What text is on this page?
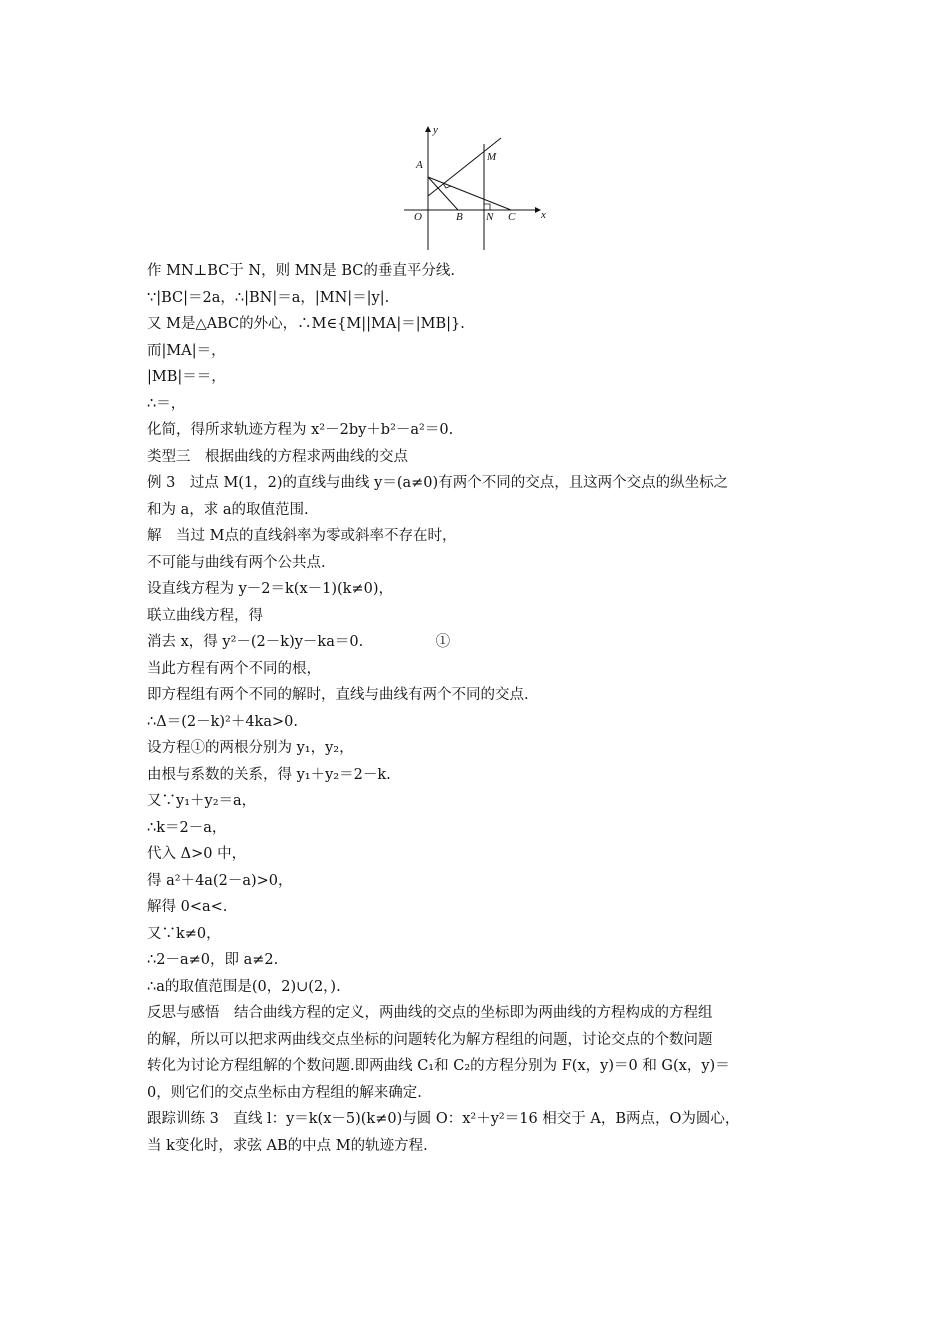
y
x
A
M
O	B N C
作 MN⊥BC于 N，则 MN是 BC的垂直平分线.
∵|BC|＝2a，∴|BN|＝a，|MN|＝|y|.
又 M是△ABC的外心，∴M∈{M||MA|＝|MB|}.
而|MA|＝，
|MB|＝＝，
∴＝，
化简，得所求轨迹方程为 x²－2by＋b²－a²＝0.
类型三　根据曲线的方程求两曲线的交点
例 3　过点 M(1，2)的直线与曲线 y＝(a≠0)有两个不同的交点，且这两个交点的纵坐标之
和为 a，求 a的取值范围.
解　当过 M点的直线斜率为零或斜率不存在时，
不可能与曲线有两个公共点.
设直线方程为 y－2＝k(x－1)(k≠0)，
联立曲线方程，得
消去 x，得 y²－(2－k)y－ka＝0.　　　　　①
当此方程有两个不同的根，
即方程组有两个不同的解时，直线与曲线有两个不同的交点.
∴Δ＝(2－k)²＋4ka>0.
设方程①的两根分别为 y₁，y₂，
由根与系数的关系，得 y₁＋y₂＝2－k.
又∵y₁＋y₂＝a，
∴k＝2－a，
代入 Δ>0 中，
得 a²＋4a(2－a)>0，
解得 0<a<.
又∵k≠0，
∴2－a≠0，即 a≠2.
∴a的取值范围是(0，2)∪(2，).
反思与感悟　结合曲线方程的定义，两曲线的交点的坐标即为两曲线的方程构成的方程组
的解，所以可以把求两曲线交点坐标的问题转化为解方程组的问题，讨论交点的个数问题
转化为讨论方程组解的个数问题.即两曲线 C₁和 C₂的方程分别为 F(x，y)＝0 和 G(x，y)＝
0，则它们的交点坐标由方程组的解来确定.
跟踪训练 3　直线 l：y＝k(x－5)(k≠0)与圆 O：x²＋y²＝16 相交于 A，B两点，O为圆心，
当 k变化时，求弦 AB的中点 M的轨迹方程.
